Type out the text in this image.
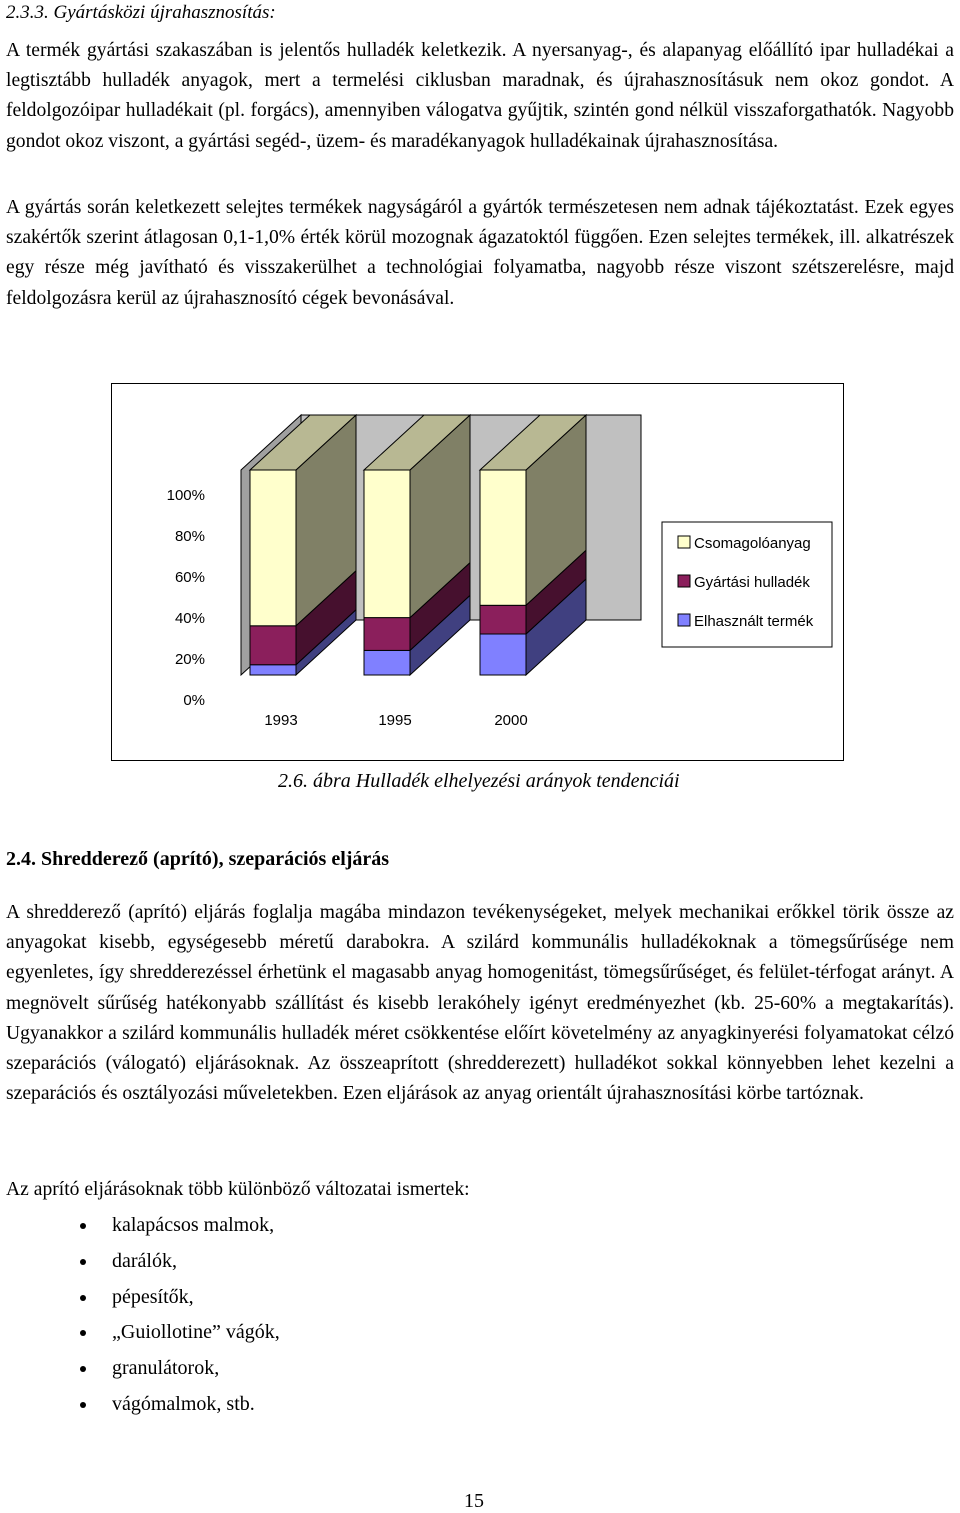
2.3.3. Gyártásközi újrahasznosítás:

A termék gyártási szakaszában is jelentős hulladék keletkezik. A nyersanyag-, és alapanyag előállító ipar hulladékai a legtisztább hulladék anyagok, mert a termelési ciklusban maradnak, és újrahasznosításuk nem okoz gondot. A feldolgozóipar hulladékait (pl. forgács), amennyiben válogatva gyűjtik, szintén gond nélkül visszaforgathatók. Nagyobb gondot okoz viszont, a gyártási segéd-, üzem- és maradékanyagok hulladékainak újrahasznosítása.

A gyártás során keletkezett selejtes termékek nagyságáról a gyártók természetesen nem adnak tájékoztatást. Ezek egyes szakértők szerint átlagosan 0,1-1,0% érték körül mozognak ágazatoktól függően. Ezen selejtes termékek, ill. alkatrészek egy része még javítható és visszakerülhet a technológiai folyamatba, nagyobb része viszont szétszerelésre, majd feldolgozásra kerül az újrahasznosító cégek bevonásával.

0%
20%
40%
60%
80%
100%
1993	1995	2000
Csomagolóanyag
Gyártási hulladék
Elhasznált termék
2.6. ábra Hulladék elhelyezési arányok tendenciái
2.4. Shredderező (aprító), szeparációs eljárás

A shredderező (aprító) eljárás foglalja magába mindazon tevékenységeket, melyek mechanikai erőkkel törik össze az anyagokat kisebb, egységesebb méretű darabokra. A szilárd kommunális hulladékoknak a tömegsűrűsége nem egyenletes, így shredderezéssel érhetünk el magasabb anyag homogenitást, tömegsűrűséget, és felület-térfogat arányt. A megnövelt sűrűség hatékonyabb szállítást és kisebb lerakóhely igényt eredményezhet (kb. 25-60% a megtakarítás). Ugyanakkor a szilárd kommunális hulladék méret csökkentése előírt követelmény az anyagkinyerési folyamatokat célzó szeparációs (válogató) eljárásoknak. Az összeaprított (shredderezett) hulladékot sokkal könnyebben lehet kezelni a szeparációs és osztályozási műveletekben. Ezen eljárások az anyag orientált újrahasznosítási körbe tartóznak.

Az aprító eljárásoknak több különböző változatai ismertek:

kalapácsos malmok,
darálók,
pépesítők,
„Guiollotine” vágók,
granulátorok,
vágómalmok, stb.
15
